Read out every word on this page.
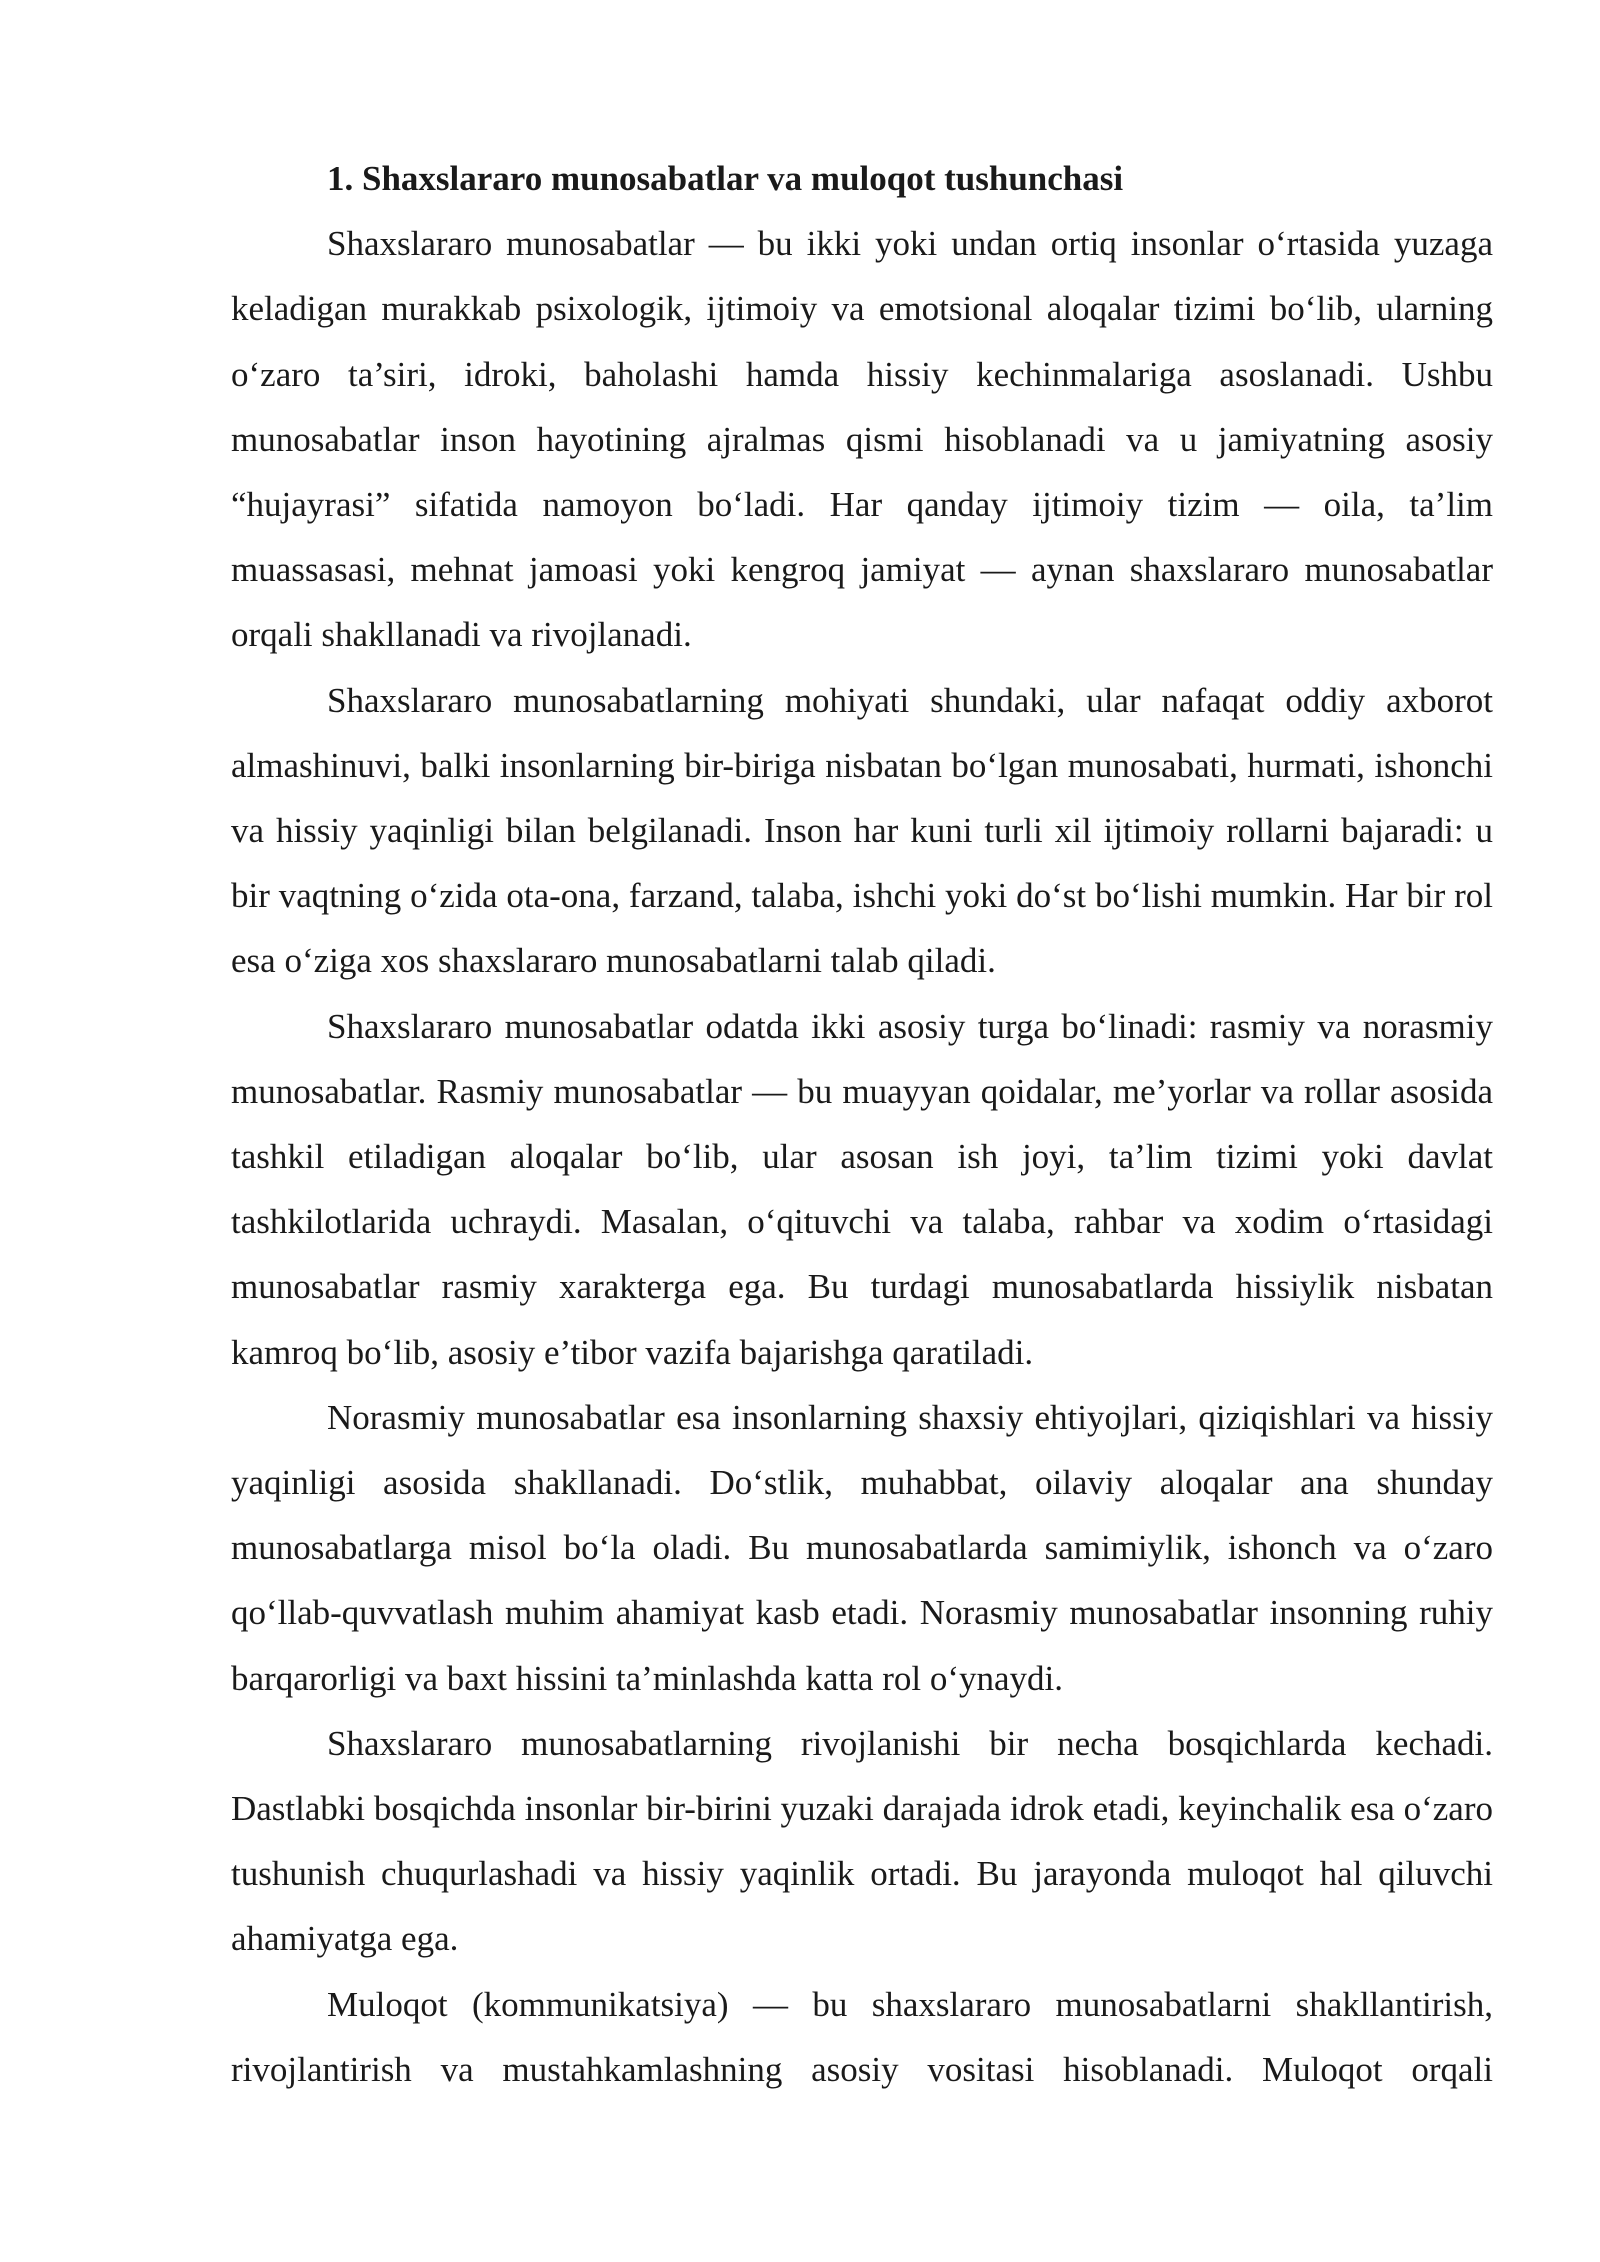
1. Shaxslararo munosabatlar va muloqot tushunchasi

Shaxslararo munosabatlar — bu ikki yoki undan ortiq insonlar o‘rtasida yuzaga keladigan murakkab psixologik, ijtimoiy va emotsional aloqalar tizimi bo‘lib, ularning o‘zaro ta’siri, idroki, baholashi hamda hissiy kechinmalariga asoslanadi. Ushbu munosabatlar inson hayotining ajralmas qismi hisoblanadi va u jamiyatning asosiy “hujayrasi” sifatida namoyon bo‘ladi. Har qanday ijtimoiy tizim — oila, ta’lim muassasasi, mehnat jamoasi yoki kengroq jamiyat — aynan shaxslararo munosabatlar orqali shakllanadi va rivojlanadi.

Shaxslararo munosabatlarning mohiyati shundaki, ular nafaqat oddiy axborot almashinuvi, balki insonlarning bir-biriga nisbatan bo‘lgan munosabati, hurmati, ishonchi va hissiy yaqinligi bilan belgilanadi. Inson har kuni turli xil ijtimoiy rollarni bajaradi: u bir vaqtning o‘zida ota-ona, farzand, talaba, ishchi yoki do‘st bo‘lishi mumkin. Har bir rol esa o‘ziga xos shaxslararo munosabatlarni talab qiladi.

Shaxslararo munosabatlar odatda ikki asosiy turga bo‘linadi: rasmiy va norasmiy munosabatlar. Rasmiy munosabatlar — bu muayyan qoidalar, me’yorlar va rollar asosida tashkil etiladigan aloqalar bo‘lib, ular asosan ish joyi, ta’lim tizimi yoki davlat tashkilotlarida uchraydi. Masalan, o‘qituvchi va talaba, rahbar va xodim o‘rtasidagi munosabatlar rasmiy xarakterga ega. Bu turdagi munosabatlarda hissiylik nisbatan kamroq bo‘lib, asosiy e’tibor vazifa bajarishga qaratiladi.

Norasmiy munosabatlar esa insonlarning shaxsiy ehtiyojlari, qiziqishlari va hissiy yaqinligi asosida shakllanadi. Do‘stlik, muhabbat, oilaviy aloqalar ana shunday munosabatlarga misol bo‘la oladi. Bu munosabatlarda samimiylik, ishonch va o‘zaro qo‘llab-quvvatlash muhim ahamiyat kasb etadi. Norasmiy munosabatlar insonning ruhiy barqarorligi va baxt hissini ta’minlashda katta rol o‘ynaydi.

Shaxslararo munosabatlarning rivojlanishi bir necha bosqichlarda kechadi. Dastlabki bosqichda insonlar bir-birini yuzaki darajada idrok etadi, keyinchalik esa o‘zaro tushunish chuqurlashadi va hissiy yaqinlik ortadi. Bu jarayonda muloqot hal qiluvchi ahamiyatga ega.

Muloqot (kommunikatsiya) — bu shaxslararo munosabatlarni shakllantirish, rivojlantirish va mustahkamlashning asosiy vositasi hisoblanadi. Muloqot orqali
